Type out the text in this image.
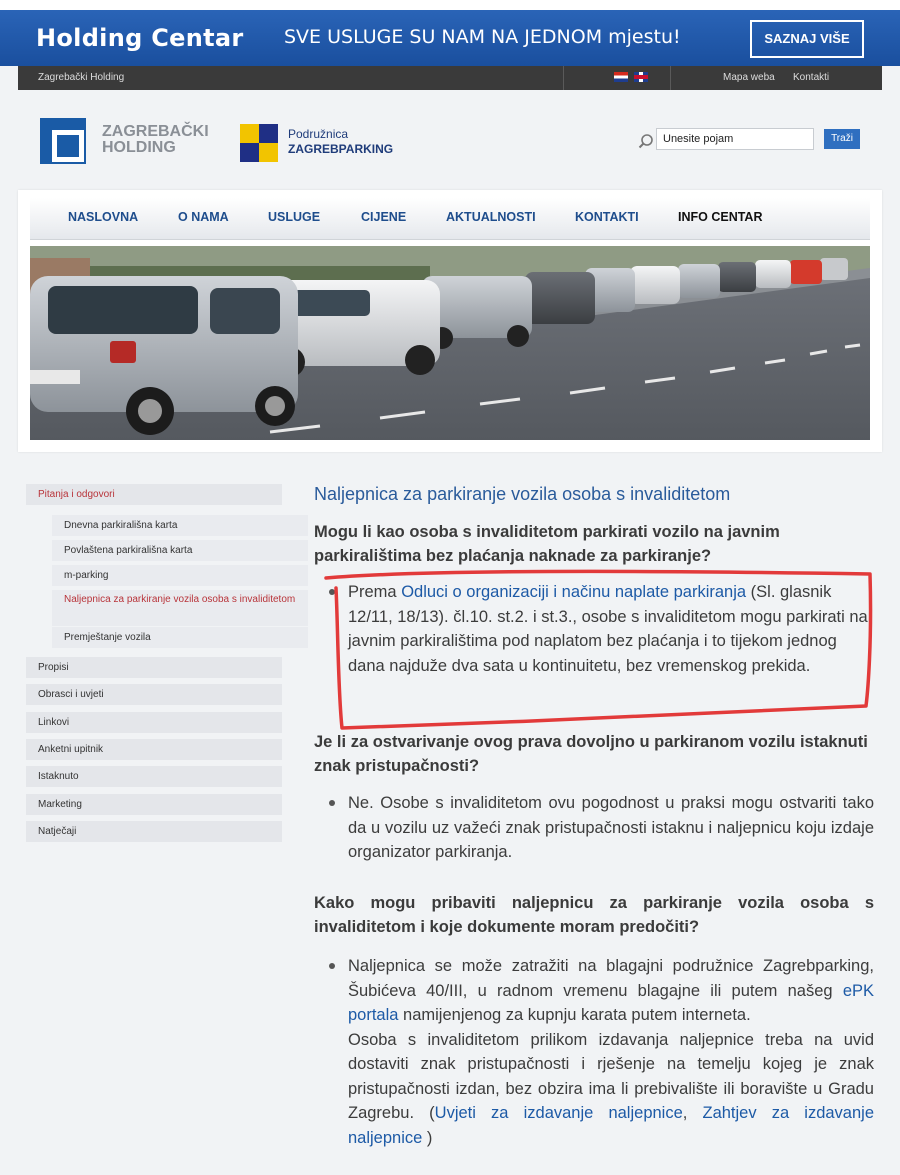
Holding Centar SVE USLUGE SU NAM NA JEDNOM mjestu!	SAZNAJ VIŠE
Zagrebački Holding	Mapa weba Kontakti
ZAGREBAČKI
HOLDING
Podružnica
ZAGREBPARKING
Unesite pojam
Traži
NASLOVNA	O NAMA	USLUGE	CIJENE	AKTUALNOSTI	KONTAKTI	INFO CENTAR
Pitanja i odgovori
Dnevna parkirališna karta
Povlaštena parkirališna karta
m-parking
Naljepnica za parkiranje vozila osoba s invaliditetom
Premještanje vozila
Propisi
Obrasci i uvjeti
Linkovi
Anketni upitnik
Istaknuto
Marketing
Natječaji
Naljepnica za parkiranje vozila osoba s invaliditetom
Mogu li kao osoba s invaliditetom parkirati vozilo na javnim parkiralištima bez plaćanja naknade za parkiranje?
Prema Odluci o organizaciji i načinu naplate parkiranja (Sl. glasnik 12/11, 18/13). čl.10. st.2. i st.3., osobe s invaliditetom mogu parkirati na javnim parkiralištima pod naplatom bez plaćanja i to tijekom jednog dana najduže dva sata u kontinuitetu, bez vremenskog prekida.
Je li za ostvarivanje ovog prava dovoljno u parkiranom vozilu istaknuti znak pristupačnosti?
Ne. Osobe s invaliditetom ovu pogodnost u praksi mogu ostvariti tako da u vozilu uz važeći znak pristupačnosti istaknu i naljepnicu koju izdaje organizator parkiranja.
Kako mogu pribaviti naljepnicu za parkiranje vozila osoba s invaliditetom i koje dokumente moram predočiti?
Naljepnica se može zatražiti na blagajni podružnice Zagrebparking, Šubićeva 40/III, u radnom vremenu blagajne ili putem našeg ePK portala namijenjenog za kupnju karata putem interneta.
Osoba s invaliditetom prilikom izdavanja naljepnice treba na uvid dostaviti znak pristupačnosti i rješenje na temelju kojeg je znak pristupačnosti izdan, bez obzira ima li prebivalište ili boravište u Gradu Zagrebu. (Uvjeti za izdavanje naljepnice, Zahtjev za izdavanje naljepnice )
